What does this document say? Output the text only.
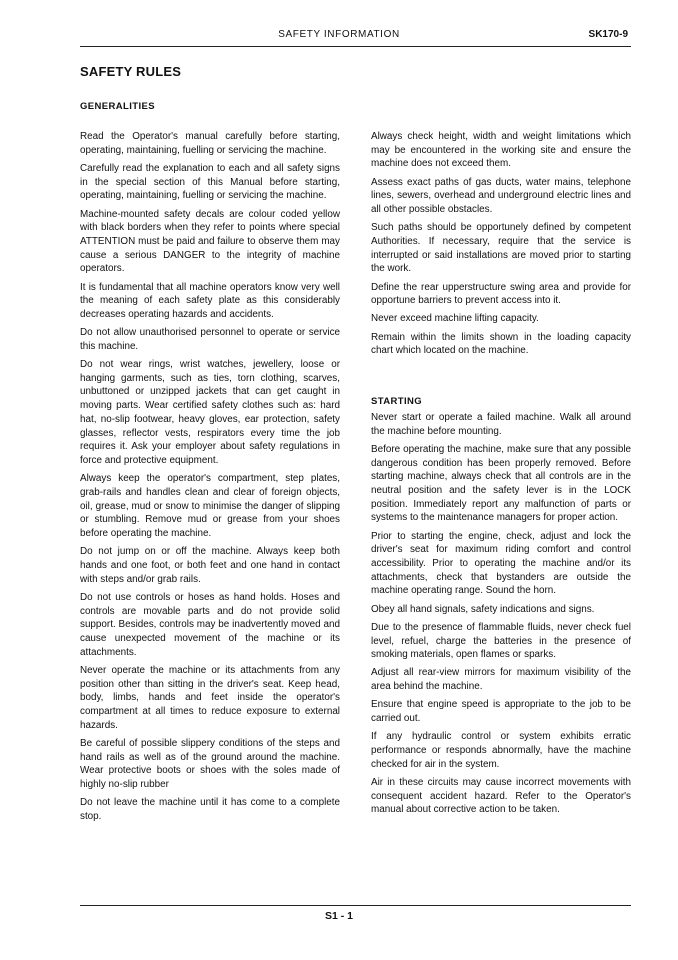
SAFETY INFORMATION	SK170-9
SAFETY RULES
GENERALITIES

Read the Operator's manual carefully before starting, operating, maintaining, fuelling or servicing the machine.

Carefully read the explanation to each and all safety signs in the special section of this Manual before starting, operating, maintaining, fuelling or servicing the machine.

Machine-mounted safety decals are colour coded yellow with black borders when they refer to points where special ATTENTION must be paid and failure to observe them may cause a serious DANGER to the integrity of machine operators.

It is fundamental that all machine operators know very well the meaning of each safety plate as this considerably decreases operating hazards and accidents.

Do not allow unauthorised personnel to operate or service this machine.

Do not wear rings, wrist watches, jewellery, loose or hanging garments, such as ties, torn clothing, scarves, unbuttoned or unzipped jackets that can get caught in moving parts. Wear certified safety clothes such as: hard hat, no-slip footwear, heavy gloves, ear protection, safety glasses, reflector vests, respirators every time the job requires it. Ask your employer about safety regulations in force and protective equipment.

Always keep the operator's compartment, step plates, grab-rails and handles clean and clear of foreign objects, oil, grease, mud or snow to minimise the danger of slipping or stumbling. Remove mud or grease from your shoes before operating the machine.

Do not jump on or off the machine. Always keep both hands and one foot, or both feet and one hand in contact with steps and/or grab rails.

Do not use controls or hoses as hand holds. Hoses and controls are movable parts and do not provide solid support. Besides, controls may be inadvertently moved and cause unexpected movement of the machine or its attachments.

Never operate the machine or its attachments from any position other than sitting in the driver's seat. Keep head, body, limbs, hands and feet inside the operator's compartment at all times to reduce exposure to external hazards.

Be careful of possible slippery conditions of the steps and hand rails as well as of the ground around the machine. Wear protective boots or shoes with the soles made of highly no-slip rubber

Do not leave the machine until it has come to a complete stop.

Always check height, width and weight limitations which may be encountered in the working site and ensure the machine does not exceed them.

Assess exact paths of gas ducts, water mains, telephone lines, sewers, overhead and underground electric lines and all other possible obstacles.

Such paths should be opportunely defined by competent Authorities. If necessary, require that the service is interrupted or said installations are moved prior to starting the work.

Define the rear upperstructure swing area and provide for opportune barriers to prevent access into it.

Never exceed machine lifting capacity.

Remain within the limits shown in the loading capacity chart which located on the machine.

STARTING

Never start or operate a failed machine. Walk all around the machine before mounting.

Before operating the machine, make sure that any possible dangerous condition has been properly removed. Before starting machine, always check that all controls are in the neutral position and the safety lever is in the LOCK position. Immediately report any malfunction of parts or systems to the maintenance managers for proper action.

Prior to starting the engine, check, adjust and lock the driver's seat for maximum riding comfort and control accessibility. Prior to operating the machine and/or its attachments, check that bystanders are outside the machine operating range. Sound the horn.

Obey all hand signals, safety indications and signs.

Due to the presence of flammable fluids, never check fuel level, refuel, charge the batteries in the presence of smoking materials, open flames or sparks.

Adjust all rear-view mirrors for maximum visibility of the area behind the machine.

Ensure that engine speed is appropriate to the job to be carried out.

If any hydraulic control or system exhibits erratic performance or responds abnormally, have the machine checked for air in the system.

Air in these circuits may cause incorrect movements with consequent accident hazard. Refer to the Operator's manual about corrective action to be taken.

S1 - 1
